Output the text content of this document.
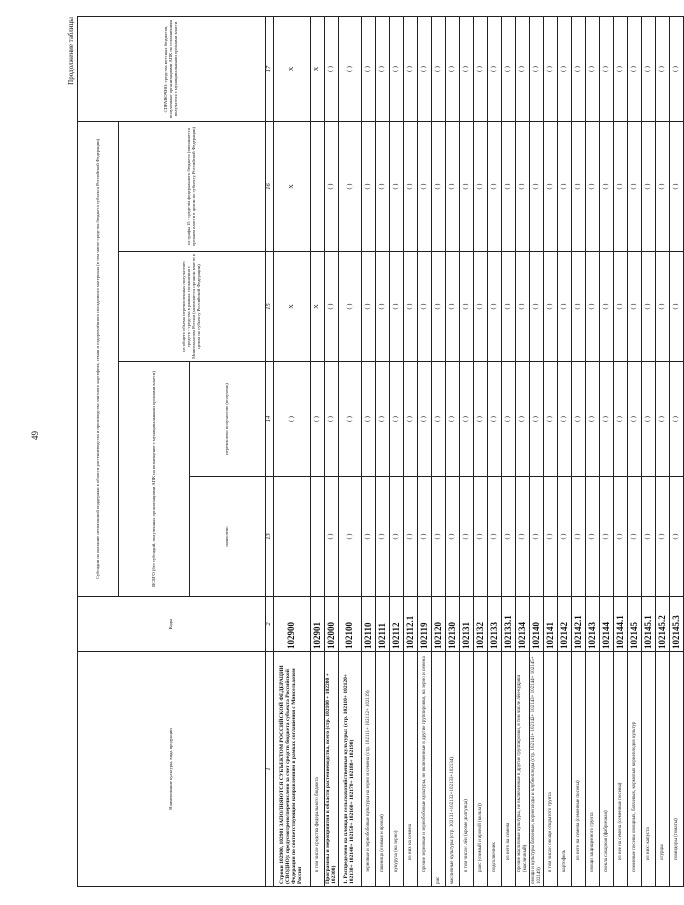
49
Продолжение таблицы
Наименование культуры, вида продукции	Коды	Субсидии на оказание несвязанной поддержки в области растениеводства и производства элитного картофеля, семян и оздоровлённого посадочного материала (в том числе средства бюджета субъекта Российской Федерации)				СПРАВОЧНО: средства местных бюджетов, полученные организациями АПК по соглашениям получателя с муниципальными органами власти
		ВСЕГО (без субсидий, полученных организациями АПК на возмещение с муниципальными органами власти)		из общего объема перечисленных получателю средств - средства в рамках соглашения с Минсельхозом России (заполняется органом власти в целом по субъекту Российской Федерации)	из графы 15 - средства федерального бюджета (заполняется органом власти в целом по субъекту Российской Федерации)	
		начислено	перечислено получателю (получено)			
1	2	13	14	15	16	17
Строки 102900, 102901 ЗАПОЛНЯЮТСЯ СУБЪЕКТОМ РОССИЙСКОЙ ФЕДЕРАЦИИ (СВОДНО): предусмотрено/перечислено за счет средств бюджета субъекта Российской Федерации по соответствующим направлениям в рамках соглашения с Минсельхозом России	102900		( )	X	X	X
в том числе средства федерального бюджета	102901		( )	X		X
Программы и мероприятия в области растениеводства, всего (стр. 102100 + 102200 + 102300)	102000	( )	( )	( )	( )	( )
1. Распределено на площади сельскохозяйственные культуры: (стр. 102110+ 102120+ 102130+ 102140+ 102150+ 102160+ 102170+ 102180+ 102190)	102100	( )	( )	( )	( )	( )
зерновые и зернобобовые культуры на зерно и семена (стр. 102111+ 102112+ 102119)	102110	( )	( )	( )	( )	( )
пшеница (озимая и яровая)	102111	( )	( )	( )	( )	( )
кукуруза (на зерно)	102112	( )	( )	( )	( )	( )
из них на семена	102112.1	( )	( )	( )	( )	( )
прочие зерновые и зернобобовые культуры, не включенные в другие группировки, на зерно и семена	102119	( )	( )	( )	( )	( )
рис	102120	( )	( )	( )	( )	( )
масличные культуры (стр. 102131+102132+102133+102134)	102130	( )	( )	( )	( )	( )
в том числе: лён (кроме долгунца)	102131	( )	( )	( )	( )	( )
рапс (озимый и яровой (кольза))	102132	( )	( )	( )	( )	( )
подсолнечник	102133	( )	( )	( )	( )	( )
из него на семена	102133.1	( )	( )	( )	( )	( )
прочие масличные культуры, не включенные в другие группировки, в том числе лён-кудряш (масличный)	102134	( )	( )	( )	( )	( )
овощи и культуры бахчевые, корнеплоды и клубнеплоды (стр. 102141+ 102142+ 102143+ 102144+ 102145+ 102149)	102140	( )	( )	( )	( )	( )
в том числе: овощи открытого грунта	102141	( )	( )	( )	( )	( )
картофель	102142	( )	( )	( )	( )	( )
из него на семена (семенные посевы)	102142.1	( )	( )	( )	( )	( )
овощи защищенного грунта	102143	( )	( )	( )	( )	( )
свекла сахарная (фабричная)	102144	( )	( )	( )	( )	( )
из нее на семена (семенные посевы)	102144.1	( )	( )	( )	( )	( )
семенные посевы овощных, бахчевых, кормовых корнеплодов культур	102145	( )	( )	( )	( )	( )
из них: капуста	102145.1	( )	( )	( )	( )	( )
огурцы	102145.2	( )	( )	( )	( )	( )
помидоры (томаты)	102145.3	( )	( )	( )	( )	( )
